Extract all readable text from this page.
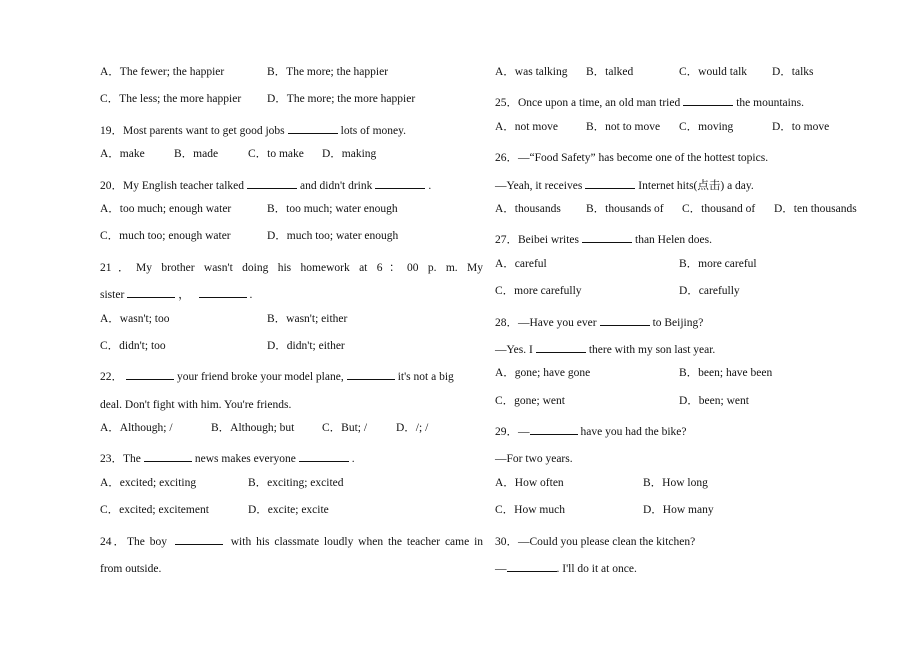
A．The fewer; the happier	B．The more; the happier
C．The less; the more happier D．The more; the more happier
19．Most parents want to get good jobs	lots of money.
A．make	B．made	C．to make D．making
20．My English teacher talked	and didn't drink	.
A．too much; enough water	B．too much; water enough
C．much too; enough water	D．much too; water enough
21．My brother wasn't doing his homework at 6：00 p. m. My
sister	，	.
A．wasn't; too	B．wasn't; either
C．didn't; too	D．didn't; either
22．	your friend broke your model plane,	it's not a big
deal. Don't fight with him. You're friends.
A．Although; /	B．Although; but C．But; /	D．/; /
23．The	news makes everyone	.
A．excited; exciting	B．exciting; excited
C．excited; excitement	D．excite; excite
24．The boy	with his classmate loudly when the teacher came in
from outside.
A．was talking B．talked	C．would talk D．talks
25．Once upon a time, an old man tried	the mountains.
A．not move B．not to move C．moving	D．to move
26．—“Food Safety” has become one of the hottest topics.
—Yeah, it receives	Internet hits(点击) a day.
A．thousands B．thousands of C．thousand of D．ten thousands
27．Beibei writes	than Helen does.
A．careful	B．more careful
C．more carefully	D．carefully
28．—Have you ever	to Beijing?
—Yes. I	there with my son last year.
A．gone; have gone	B．been; have been
C．gone; went	D．been; went
29．—	have you had the bike?
—For two years.
A．How often	B．How long
C．How much	D．How many
30．—Could you please clean the kitchen?
—	. I'll do it at once.
